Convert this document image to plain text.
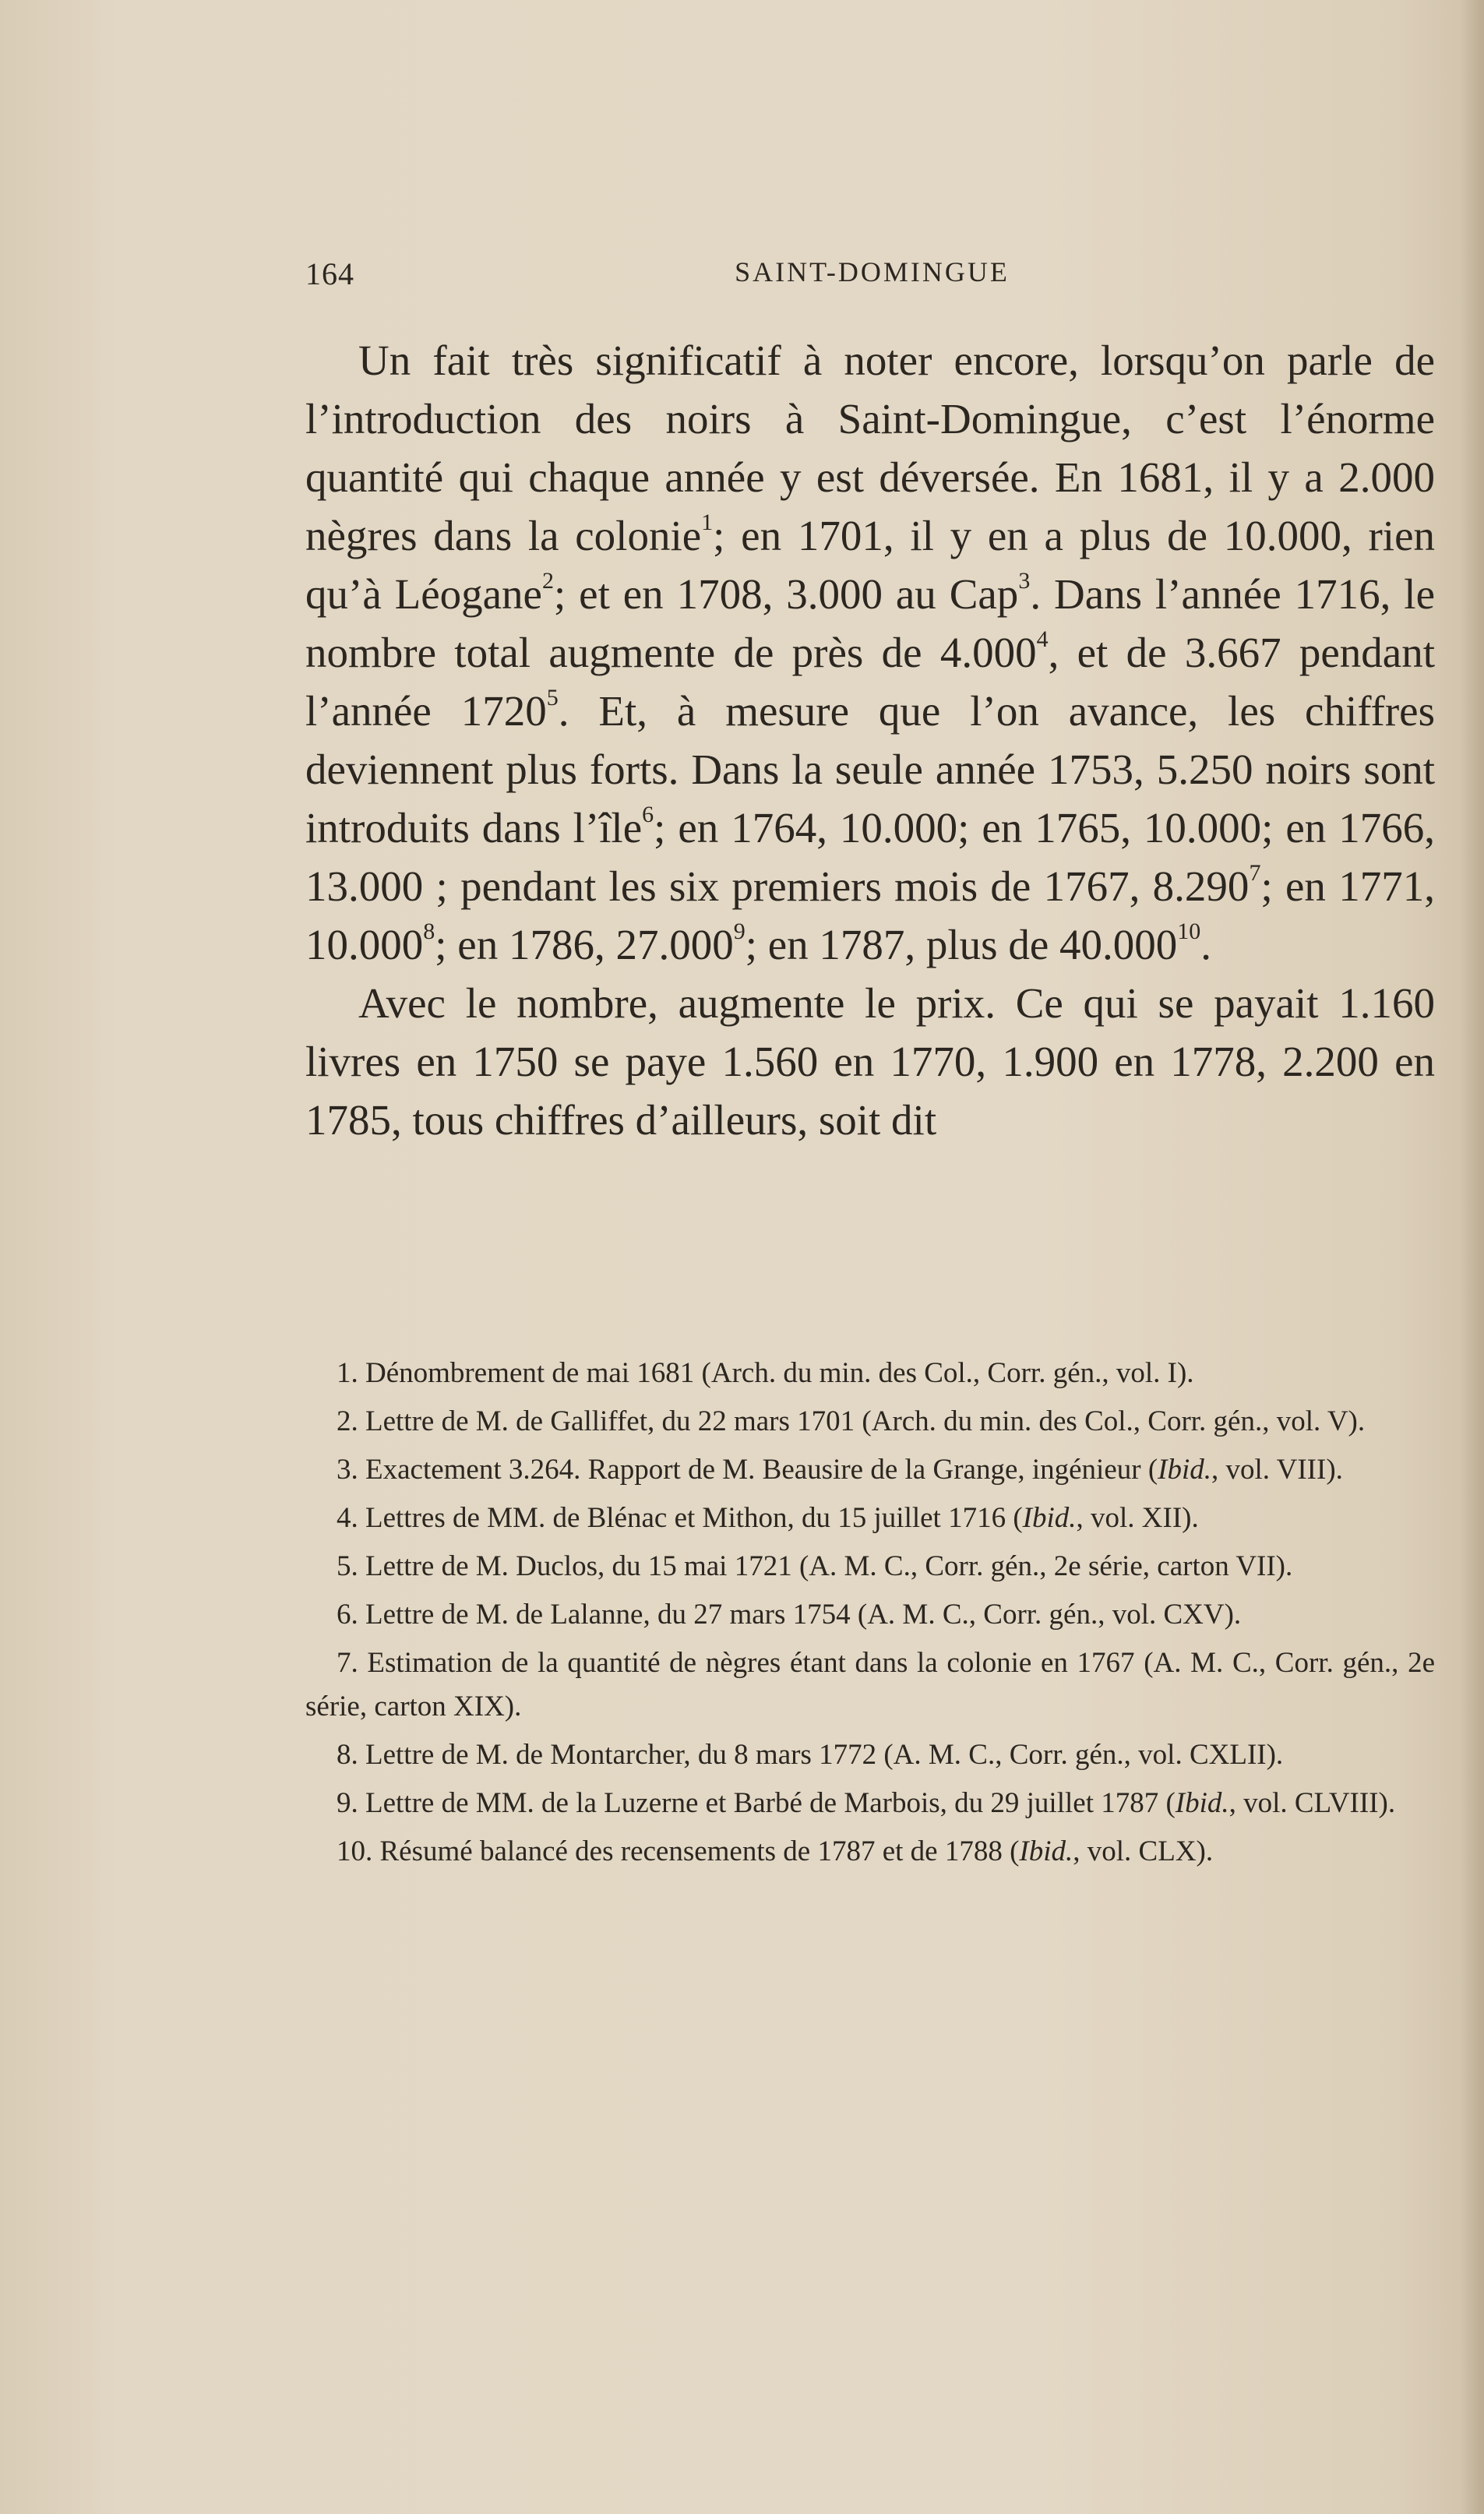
164	SAINT-DOMINGUE

Un fait très significatif à noter encore, lorsqu’on parle de l’introduction des noirs à Saint-Domingue, c’est l’énorme quantité qui chaque année y est déversée. En 1681, il y a 2.000 nègres dans la colonie$^1$; en 1701, il y en a plus de 10.000, rien qu’à Léogane$^2$; et en 1708, 3.000 au Cap$^3$. Dans l’année 1716, le nombre total augmente de près de 4.000$^4$, et de 3.667 pendant l’année 1720$^5$. Et, à mesure que l’on avance, les chiffres deviennent plus forts. Dans la seule année 1753, 5.250 noirs sont introduits dans l’île$^6$; en 1764, 10.000; en 1765, 10.000; en 1766, 13.000 ; pendant les six premiers mois de 1767, 8.290$^7$; en 1771, 10.000$^8$; en 1786, 27.000$^9$; en 1787, plus de 40.000$^{10}$.

Avec le nombre, augmente le prix. Ce qui se payait 1.160 livres en 1750 se paye 1.560 en 1770, 1.900 en 1778, 2.200 en 1785, tous chiffres d’ailleurs, soit dit

1. Dénombrement de mai 1681 (Arch. du min. des Col., Corr. gén., vol. I).

2. Lettre de M. de Galliffet, du 22 mars 1701 (Arch. du min. des Col., Corr. gén., vol. V).

3. Exactement 3.264. Rapport de M. Beausire de la Grange, ingénieur (Ibid., vol. VIII).

4. Lettres de MM. de Blénac et Mithon, du 15 juillet 1716 (Ibid., vol. XII).

5. Lettre de M. Duclos, du 15 mai 1721 (A. M. C., Corr. gén., 2e série, carton VII).

6. Lettre de M. de Lalanne, du 27 mars 1754 (A. M. C., Corr. gén., vol. CXV).

7. Estimation de la quantité de nègres étant dans la colonie en 1767 (A. M. C., Corr. gén., 2e série, carton XIX).

8. Lettre de M. de Montarcher, du 8 mars 1772 (A. M. C., Corr. gén., vol. CXLII).

9. Lettre de MM. de la Luzerne et Barbé de Marbois, du 29 juillet 1787 (Ibid., vol. CLVIII).

10. Résumé balancé des recensements de 1787 et de 1788 (Ibid., vol. CLX).
